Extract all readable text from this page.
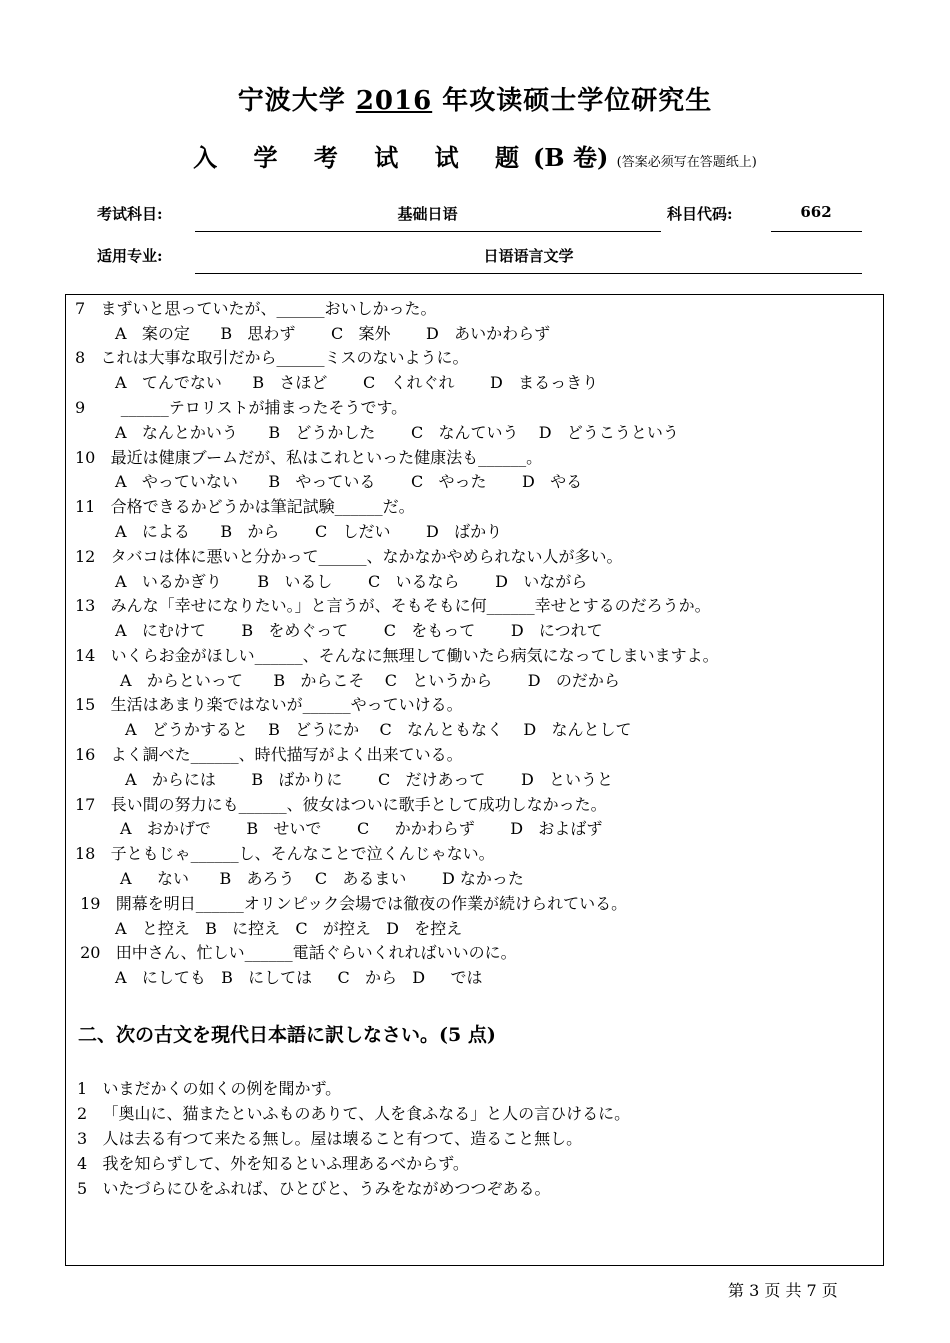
宁波大学 2016 年攻读硕士学位研究生
入 学 考 试 试 题(B 卷) (答案必须写在答题纸上)
考试科目:	基础日语	科目代码:	662
适用专业:	日语语言文学
7   まずいと思っていたが、______おいしかった。
A   案の定      B   思わず       C   案外       D   あいかわらず
8   これは大事な取引だから______ミスのないように。
A   てんでない      B   さほど       C   くれぐれ       D   まるっきり
9       ______テロリストが捕まったそうです。
A   なんとかいう      B   どうかした       C   なんていう    D   どうこうという
10   最近は健康ブームだが、私はこれといった健康法も______。
A   やっていない      B   やっている       C   やった       D   やる
11   合格できるかどうかは筆記試験______だ。
A   による      B   から       C   しだい       D   ばかり
12   タバコは体に悪いと分かって______、なかなかやめられない人が多い。
A   いるかぎり       B   いるし       C   いるなら       D   いながら
13   みんな「幸せになりたい。」と言うが、そもそもに何______幸せとするのだろうか。
A   にむけて       B   をめぐって       C   をもって       D   につれて
14   いくらお金がほしい______、そんなに無理して働いたら病気になってしまいますよ。
A   からといって      B   からこそ    C   というから       D   のだから
15   生活はあまり楽ではないが______やっていける。
A   どうかすると    B   どうにか    C   なんともなく    D   なんとして
16   よく調べた______、時代描写がよく出来ている。
A   からには       B   ばかりに       C   だけあって       D   というと
17   長い間の努力にも______、彼女はついに歌手として成功しなかった。
A   おかげで       B   せいで       C     かかわらず       D   およばず
18   子ともじゃ______し、そんなことで泣くんじゃない。
A     ない      B   あろう    C   あるまい       D なかった
19   開幕を明日______オリンピック会場では徹夜の作業が続けられている。
A   と控え   B   に控え   C   が控え   D   を控え
20   田中さん、忙しい______電話ぐらいくれればいいのに。
A   にしても   B   にしては     C   から   D     では
二、次の古文を現代日本語に訳しなさい。(5 点)
1   いまだかくの如くの例を聞かず。
2   「奥山に、猫またといふものありて、人を食ふなる」と人の言ひけるに。
3   人は去る有つて来たる無し。屋は壊ること有つて、造ること無し。
4   我を知らずして、外を知るといふ理あるべからず。
5   いたづらにひをふれば、ひとびと、うみをながめつつぞある。
第 3 页 共 7 页
